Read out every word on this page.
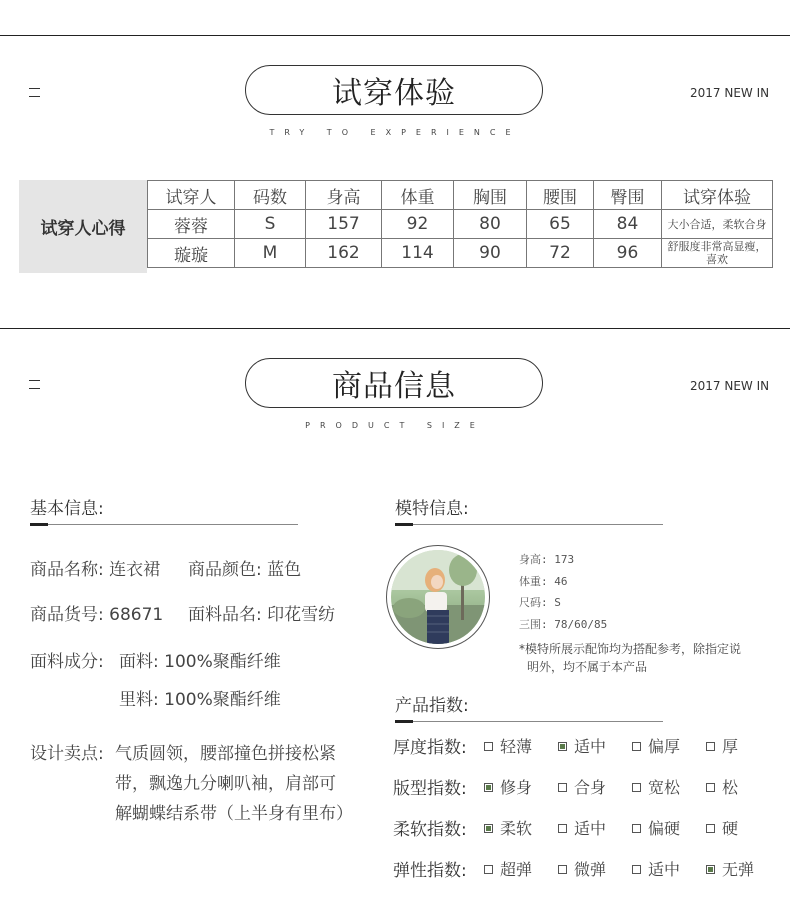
试穿体验
TRY TO EXPERIENCE
2017 NEW IN
试穿人心得
试穿人	码数	身高	体重	胸围	腰围	臀围	试穿体验
蓉蓉	S	157	92	80	65	84	大小合适，柔软合身
璇璇	M	162	114	90	72	96	舒服度非常高显瘦，喜欢
商品信息
PRODUCT SIZE
2017 NEW IN
基本信息:
商品名称: 连衣裙 商品颜色: 蓝色
商品货号: 68671 面料品名: 印花雪纺
面料成分: 面料: 100%聚酯纤维
里料: 100%聚酯纤维
设计卖点: 气质圆领，腰部撞色拼接松紧
带，飘逸九分喇叭袖，肩部可
解蝴蝶结系带（上半身有里布）
模特信息:
身高: 173
体重: 46
尺码: S
三围: 78/60/85
*模特所展示配饰均为搭配参考，除指定说
明外，均不属于本产品
产品指数:
厚度指数:	轻薄	适中	偏厚	厚
版型指数:	修身	合身	宽松	松
柔软指数:	柔软	适中	偏硬	硬
弹性指数:	超弹	微弹	适中	无弹
